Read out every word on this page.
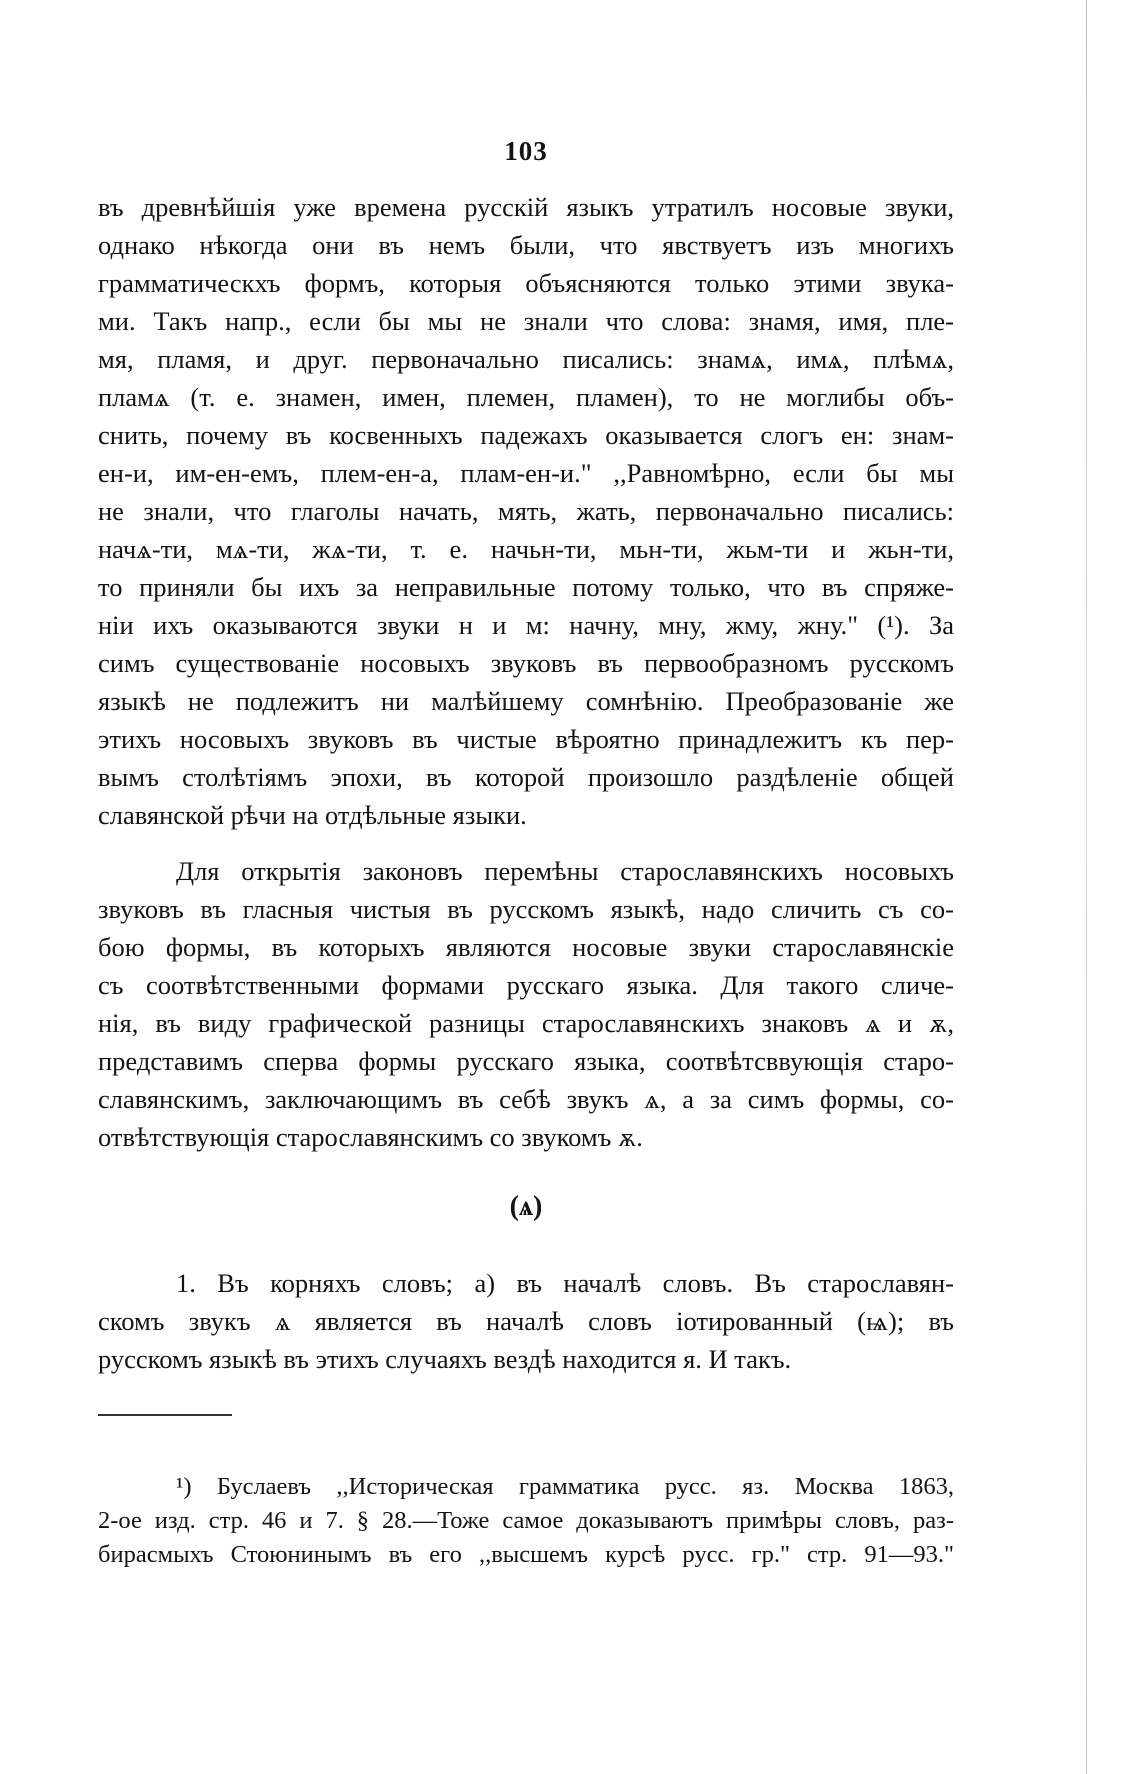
103
въ древнѣйшія уже времена русскій языкъ утратилъ носовые звуки,
однако нѣкогда они въ немъ были, что явствуетъ изъ многихъ
грамматическхъ формъ, которыя объясняются только этими звука-
ми. Такъ напр., если бы мы не знали что слова: знамя, имя, пле-
мя, пламя, и друг. первоначально писались: знамѧ, имѧ, плѣмѧ,
пламѧ (т. е. знамен, имен, племен, пламен), то не моглибы объ-
снить, почему въ косвенныхъ падежахъ оказывается слогъ ен: знам-
ен-и, им-ен-емъ, плем-ен-а, плам-ен-и." ,,Равномѣрно, если бы мы
не знали, что глаголы начать, мять, жать, первоначально писались:
начѧ-ти, мѧ-ти, жѧ-ти, т. е. начьн-ти, мьн-ти, жьм-ти и жьн-ти,
то приняли бы ихъ за неправильные потому только, что въ спряже-
ніи ихъ оказываются звуки н и м: начну, мну, жму, жну." (¹). За
симъ существованіе носовыхъ звуковъ въ первообразномъ русскомъ
языкѣ не подлежитъ ни малѣйшему сомнѣнію. Преобразованіе же
этихъ носовыхъ звуковъ въ чистые вѣроятно принадлежитъ къ пер-
вымъ столѣтіямъ эпохи, въ которой произошло раздѣленіе общей
славянской рѣчи на отдѣльные языки.
Для открытія законовъ перемѣны старославянскихъ носовыхъ
звуковъ въ гласныя чистыя въ русскомъ языкѣ, надо сличить съ со-
бою формы, въ которыхъ являются носовые звуки старославянскіе
съ соотвѣтственными формами русскаго языка. Для такого сличе-
нія, въ виду графической разницы старославянскихъ знаковъ ѧ и ѫ,
представимъ сперва формы русскаго языка, соотвѣтсввующія старо-
славянскимъ, заключающимъ въ себѣ звукъ ѧ, а за симъ формы, со-
отвѣтствующія старославянскимъ со звукомъ ѫ.
(ѧ)
1. Въ корняхъ словъ; а) въ началѣ словъ. Въ старославян-
скомъ звукъ ѧ является въ началѣ словъ іотированный (ѩ); въ
русскомъ языкѣ въ этихъ случаяхъ вездѣ находится я. И такъ.
¹) Буслаевъ ,,Историческая грамматика русс. яз. Москва 1863,
2-ое изд. стр. 46 и 7. § 28.—Тоже самое доказываютъ примѣры словъ, раз-
бирасмыхъ Стоюнинымъ въ его ,,высшемъ курсѣ русс. гр." стр. 91—93."
